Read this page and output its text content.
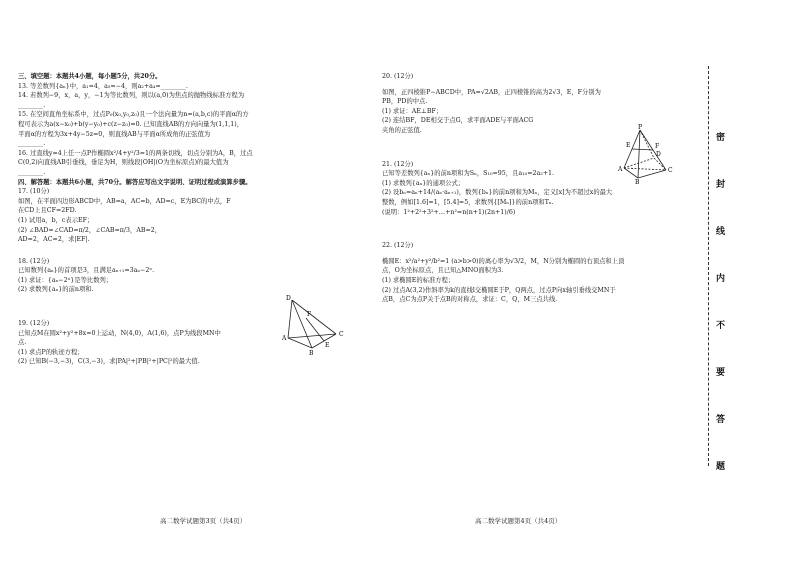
三、填空题：本题共4小题，每小题5分，共20分。
13. 等差数列{aₙ}中，a₁=4，a₅=−4，则a₂+a₄=________.
14. 若数列−9，x，a，y，−1为等比数列，则以(a,0)为焦点的抛物线标准方程为
________.
15. 在空间直角坐标系中，过点P₀(x₀,y₀,z₀)且一个法向量为n=(a,b,c)的平面α的方
程可表示为a(x−x₀)+b(y−y₀)+c(z−z₀)=0. 已知直线AB的方向向量为(1,1,1)，
平面α的方程为3x+4y−5z=0，则直线AB与平面α所成角的正弦值为
________.
16. 过直线y=4上任一点P作椭圆x²/4+y²/3=1的两条切线，切点分别为A，B，过点
C(0,2)向直线AB引垂线，垂足为H，则线段|OH|(O为坐标原点)的最大值为
________.
四、解答题：本题共6小题，共70分。解答应写出文字说明、证明过程或演算步骤。
17. (10分)
如图，在平面四边形ABCD中，AB=a，AC=b，AD=c，E为BC的中点，F
在CD上且CF=2FD.
(1) 试用a，b，c表示EF；
(2) ∠BAD=∠CAD=π/2，∠CAB=π/3，AB=2，
AD=2，AC=2，求|EF|.
18. (12分)
已知数列{aₙ}的首项是3，且满足aₙ₊₁=3aₙ−2ⁿ.
(1) 求证：{aₙ−2ⁿ}是等比数列；
(2) 求数列{aₙ}的前n项和.
19. (12分)
已知点M在圆x²+y²+8x=0上运动，N(4,0)，A(1,6)，点P为线段MN中
点.
(1) 求点P的轨迹方程；
(2) 已知B(−3,−3)，C(3,−3)，求|PA|²+|PB|²+|PC|²的最大值.
20. (12分)
如图，正四棱锥P−ABCD中，PA=√2AB，正四棱锥的高为2√3，E，F分别为
PB，PD的中点.
(1) 求证：AE⊥BF；
(2) 连结BF，DE相交于点G，求平面ADE与平面ACG
夹角的正弦值.
21. (12分)
已知等差数列{aₙ}的前n项和为Sₙ，S₁₀=95，且a₁₀=2a₃+1.
(1) 求数列{aₙ}的通项公式；
(2) 设bₙ=aₙ+14/(aₙ·aₙ₊₁)，数列{bₙ}的前n项和为Mₙ，定义[x]为不超过x的最大
整数，例如[1.6]=1，[5.4]=5，求数列{[Mₙ]}的前n项和Tₙ.
(说明：1²+2²+3²+…+n²=n(n+1)(2n+1)/6)
22. (12分)
椭圆E：x²/a²+y²/b²=1 (a>b>0)的离心率为√3/2，M，N分别为椭圆的右顶点和上顶
点，O为坐标原点，且已知△MNO面积为3.
(1) 求椭圆E的标准方程；
(2) 过点A(3,2)作斜率为k的直线l交椭圆E于P，Q两点，过点P向x轴引垂线交MN于
点B，点C为点P关于点B的对称点，求证：C，Q，M三点共线.
D
A
C
B
E
F
P
A
B
C
D
E	F
高二数学试题第3页（共4页）	高二数学试题第4页（共4页）
密
封
线
内
不
要
答
题
